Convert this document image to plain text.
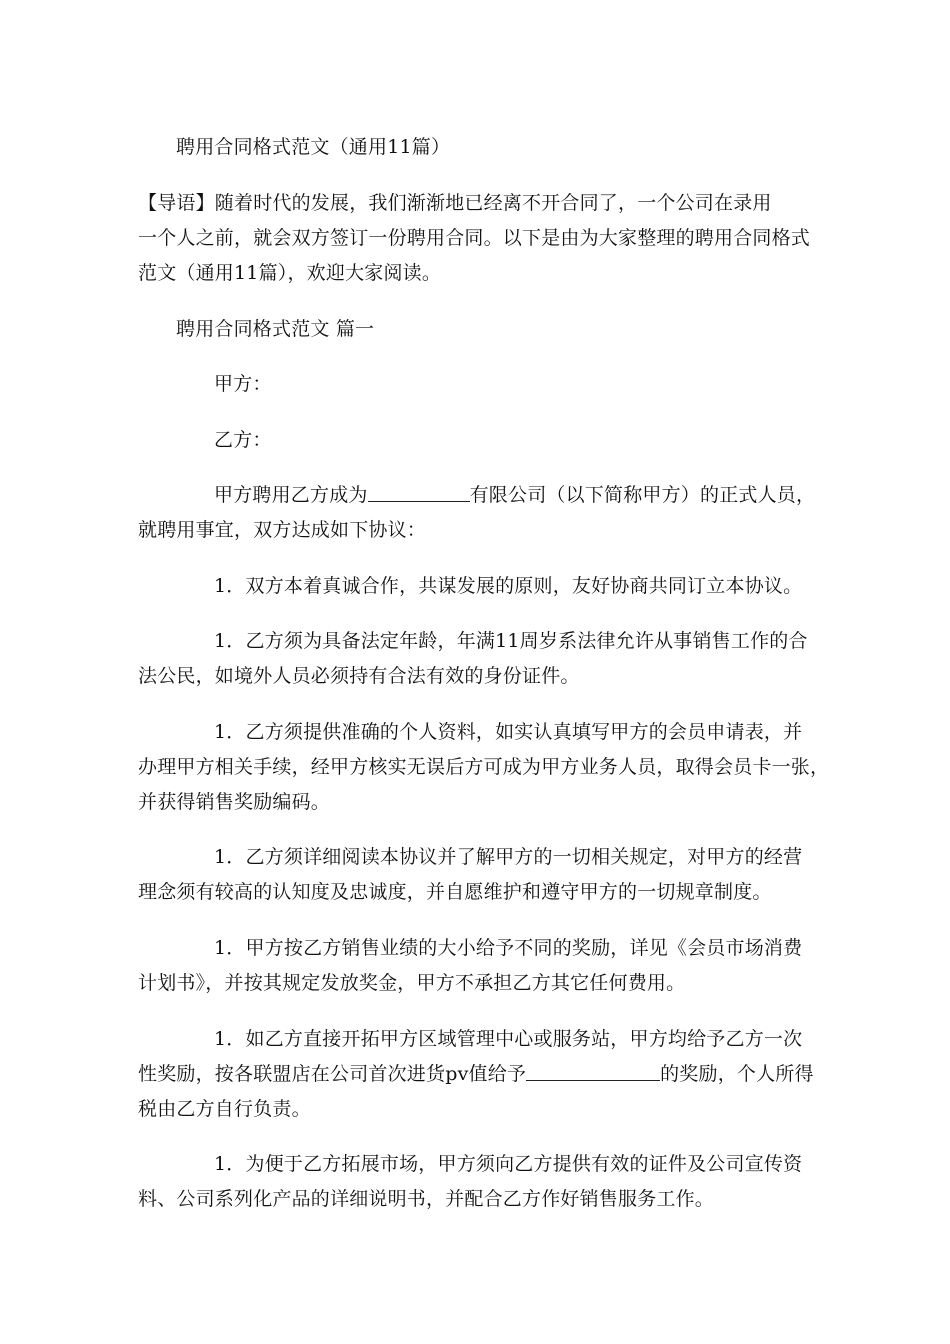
聘用合同格式范文（通用11篇）

【导语】随着时代的发展，我们渐渐地已经离不开合同了，一个公司在录用

一个人之前，就会双方签订一份聘用合同。以下是由为大家整理的聘用合同格式

范文（通用11篇），欢迎大家阅读。

聘用合同格式范文 篇一

甲方：

乙方：

甲方聘用乙方成为	有限公司（以下简称甲方）的正式人员，

就聘用事宜，双方达成如下协议：

1．双方本着真诚合作，共谋发展的原则，友好协商共同订立本协议。

1．乙方须为具备法定年龄，年满11周岁系法律允许从事销售工作的合

法公民，如境外人员必须持有合法有效的身份证件。

1．乙方须提供准确的个人资料，如实认真填写甲方的会员申请表，并

办理甲方相关手续，经甲方核实无误后方可成为甲方业务人员，取得会员卡一张，

并获得销售奖励编码。

1．乙方须详细阅读本协议并了解甲方的一切相关规定，对甲方的经营

理念须有较高的认知度及忠诚度，并自愿维护和遵守甲方的一切规章制度。

1．甲方按乙方销售业绩的大小给予不同的奖励，详见《会员市场消费

计划书》，并按其规定发放奖金，甲方不承担乙方其它任何费用。

1．如乙方直接开拓甲方区域管理中心或服务站，甲方均给予乙方一次

性奖励，按各联盟店在公司首次进货pv值给予	的奖励，个人所得

税由乙方自行负责。

1．为便于乙方拓展市场，甲方须向乙方提供有效的证件及公司宣传资

料、公司系列化产品的详细说明书，并配合乙方作好销售服务工作。
